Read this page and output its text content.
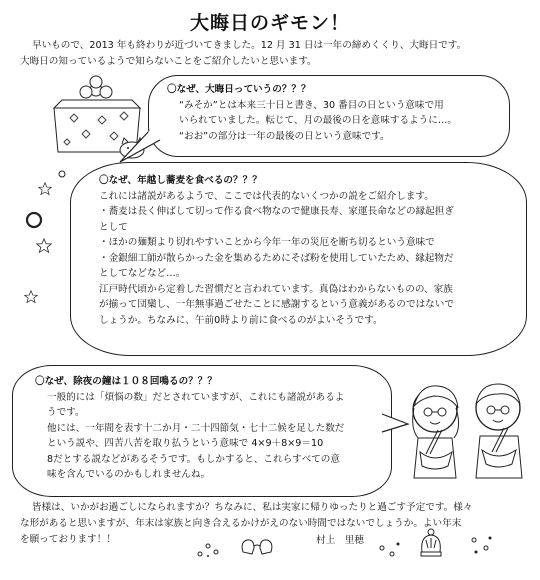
大晦日のギモン！
早いもので、2013 年も終わりが近づいてきました。12 月 31 日は一年の締めくくり、大晦日です。
大晦日の知っているようで知らないことをご紹介したいと思います。
〇なぜ、大晦日っていうの？？？
“みそか”とは本来三十日と書き、30 番目の日という意味で用
いられていました。転じて、月の最後の日を意味するように…。
“おお”の部分は一年の最後の日という意味です。
〇なぜ、年越し蕎麦を食べるの？？？
これには諸説があるようで、ここでは代表的ないくつかの説をご紹介します。
・蕎麦は長く伸ばして切って作る食べ物なので健康長寿、家運長命などの縁起担ぎ
として
・ほかの麺類より切れやすいことから今年一年の災厄を断ち切るという意味で
・金銀細工師が散らかった金を集めるためにそば粉を使用していたため、縁起物だ
としてなどなど…。
江戸時代頃から定着した習慣だと言われています。真偽はわからないものの、家族
が揃って団欒し、一年無事過ごせたことに感謝するという意義があるのではないで
しょうか。ちなみに、午前0時より前に食べるのがよいそうです。
〇なぜ、除夜の鐘は１０８回鳴るの？？？
一般的には「煩悩の数」だとされていますが、これにも諸説があるよ
うです。
他には、一年間を表す十二か月・二十四節気・七十二候を足した数だ
という説や、四苦八苦を取り払うという意味で 4×9＋8×9＝10
8だとする説などがあるそうです。もしかすると、これらすべての意
味を含んでいるのかもしれませんね。
皆様は、いかがお過ごしになられますか？ちなみに、私は実家に帰りゆったりと過ごす予定です。様々
な形があると思いますが、年末は家族と向き合えるかけがえのない時間ではないでしょうか。よい年末
を願っております！！	村上　里穂
